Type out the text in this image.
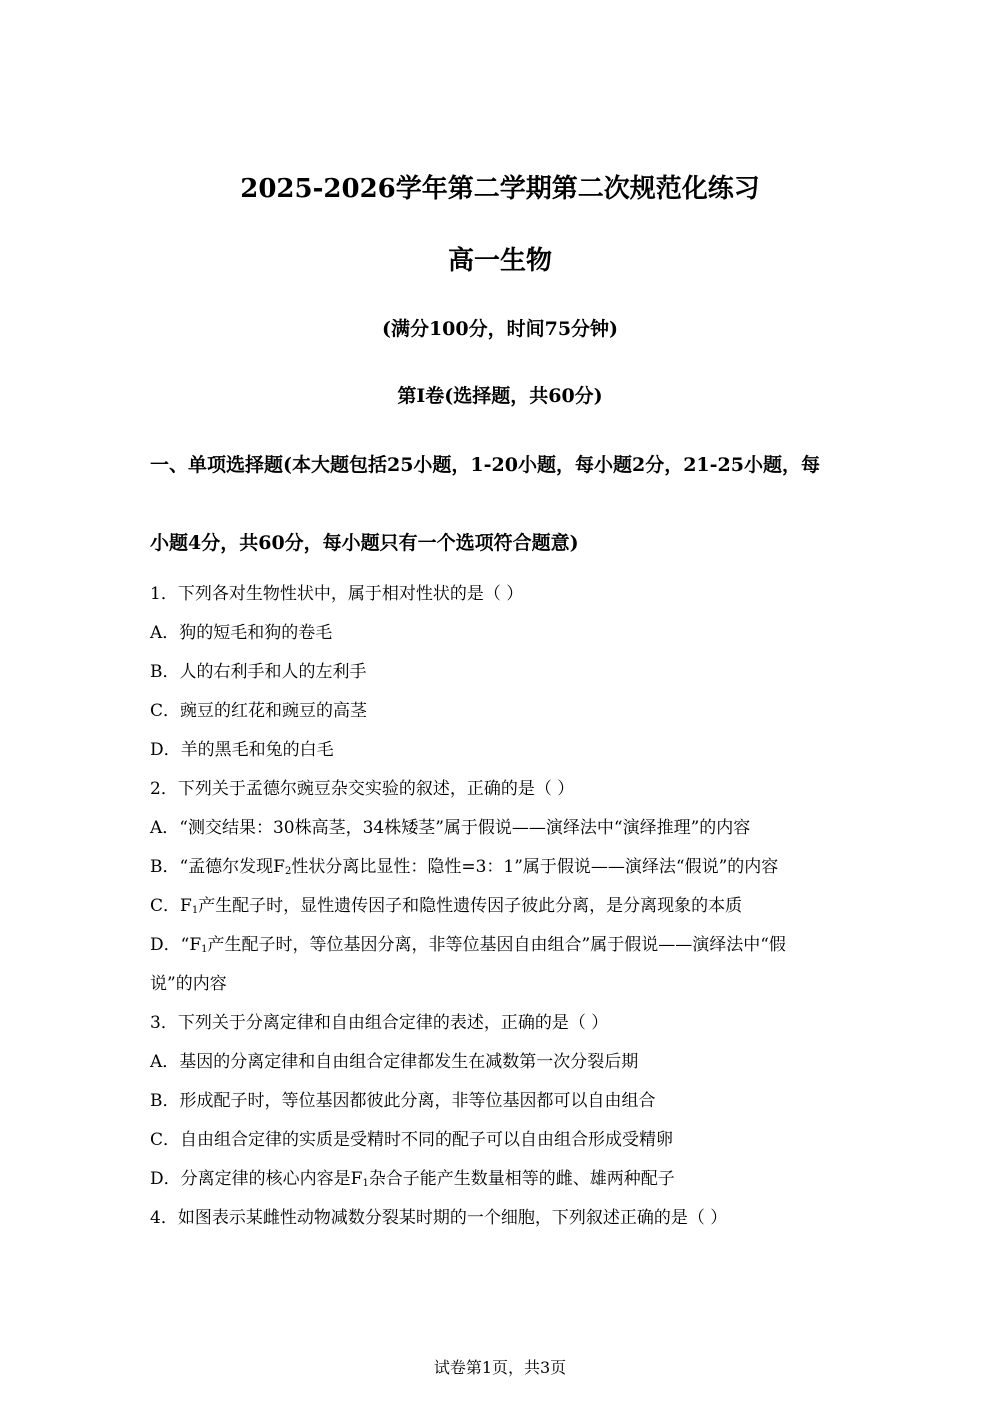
2025-2026学年第二学期第二次规范化练习
高一生物
(满分100分，时间75分钟)
第Ⅰ卷(选择题，共60分)
一、单项选择题(本大题包括25小题，1-20小题，每小题2分，21-25小题，每
小题4分，共60分，每小题只有一个选项符合题意)
1．下列各对生物性状中，属于相对性状的是（ ）
A．狗的短毛和狗的卷毛
B．人的右利手和人的左利手
C．豌豆的红花和豌豆的高茎
D．羊的黑毛和兔的白毛
2．下列关于孟德尔豌豆杂交实验的叙述，正确的是（ ）
A．“测交结果：30株高茎，34株矮茎”属于假说——演绎法中“演绎推理”的内容
B．“孟德尔发现$F_2$性状分离比显性：隐性=3：1”属于假说——演绎法“假说”的内容
C．$F_1$产生配子时，显性遗传因子和隐性遗传因子彼此分离，是分离现象的本质
D．“$F_1$产生配子时，等位基因分离，非等位基因自由组合”属于假说——演绎法中“假
说”的内容
3．下列关于分离定律和自由组合定律的表述，正确的是（ ）
A．基因的分离定律和自由组合定律都发生在减数第一次分裂后期
B．形成配子时，等位基因都彼此分离，非等位基因都可以自由组合
C．自由组合定律的实质是受精时不同的配子可以自由组合形成受精卵
D．分离定律的核心内容是$F_1$杂合子能产生数量相等的雌、雄两种配子
4．如图表示某雌性动物减数分裂某时期的一个细胞，下列叙述正确的是（ ）
试卷第1页，共3页
